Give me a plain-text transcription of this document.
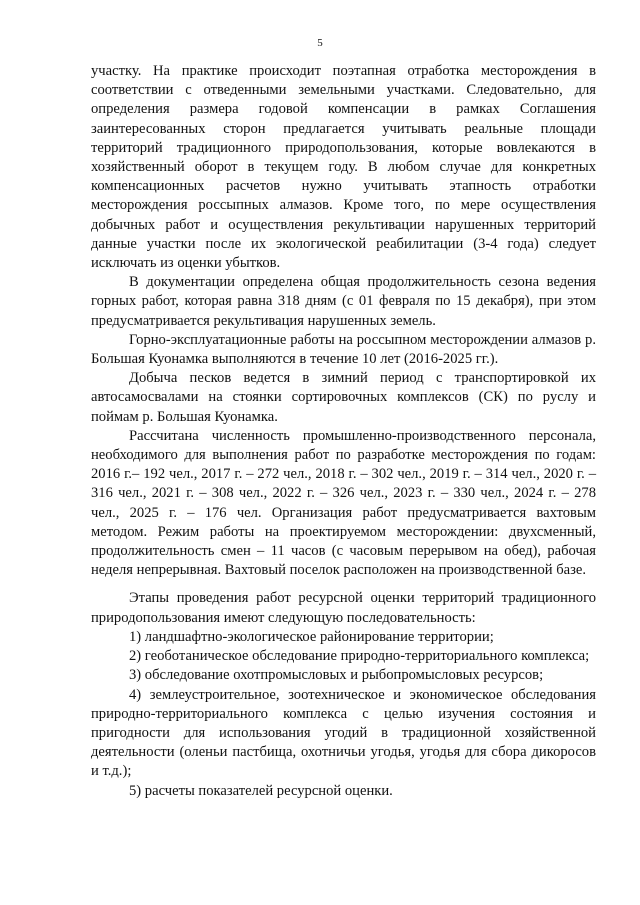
5

участку. На практике происходит поэтапная отработка месторождения в соответствии с отведенными земельными участками. Следовательно, для определения размера годовой компенсации в рамках Соглашения заинтересованных сторон предлагается учитывать реальные площади территорий традиционного природопользования, которые вовлекаются в хозяйственный оборот в текущем году. В любом случае для конкретных компенсационных расчетов нужно учитывать этапность отработки месторождения россыпных алмазов. Кроме того, по мере осуществления добычных работ и осуществления рекультивации нарушенных территорий данные участки после их экологической реабилитации (3-4 года) следует исключать из оценки убытков.

В документации определена общая продолжительность сезона ведения горных работ, которая равна 318 дням (с 01 февраля по 15 декабря), при этом предусматривается рекультивация нарушенных земель.

Горно-эксплуатационные работы на россыпном месторождении алмазов р. Большая Куонамка выполняются в течение 10 лет (2016-2025 гг.).

Добыча песков ведется в зимний период с транспортировкой их автосамосвалами на стоянки сортировочных комплексов (СК) по руслу и поймам р. Большая Куонамка.

Рассчитана численность промышленно-производственного персонала, необходимого для выполнения работ по разработке месторождения по годам: 2016 г.– 192 чел., 2017 г. – 272 чел., 2018 г. – 302 чел., 2019 г. – 314 чел., 2020 г. – 316 чел., 2021 г. – 308 чел., 2022 г. – 326 чел., 2023 г. – 330 чел., 2024 г. – 278 чел., 2025 г. – 176 чел. Организация работ предусматривается вахтовым методом. Режим работы на проектируемом месторождении: двухсменный, продолжительность смен – 11 часов (с часовым перерывом на обед), рабочая неделя непрерывная. Вахтовый поселок расположен на производственной базе.

Этапы проведения работ ресурсной оценки территорий традиционного природопользования имеют следующую последовательность:

1) ландшафтно-экологическое районирование территории;

2) геоботаническое обследование природно-территориального комплекса;

3) обследование охотпромысловых и рыбопромысловых ресурсов;

4) землеустроительное, зоотехническое и экономическое обследования природно-территориального комплекса с целью изучения состояния и пригодности для использования угодий в традиционной хозяйственной деятельности (оленьи пастбища, охотничьи угодья, угодья для сбора дикоросов и т.д.);

5) расчеты показателей ресурсной оценки.
